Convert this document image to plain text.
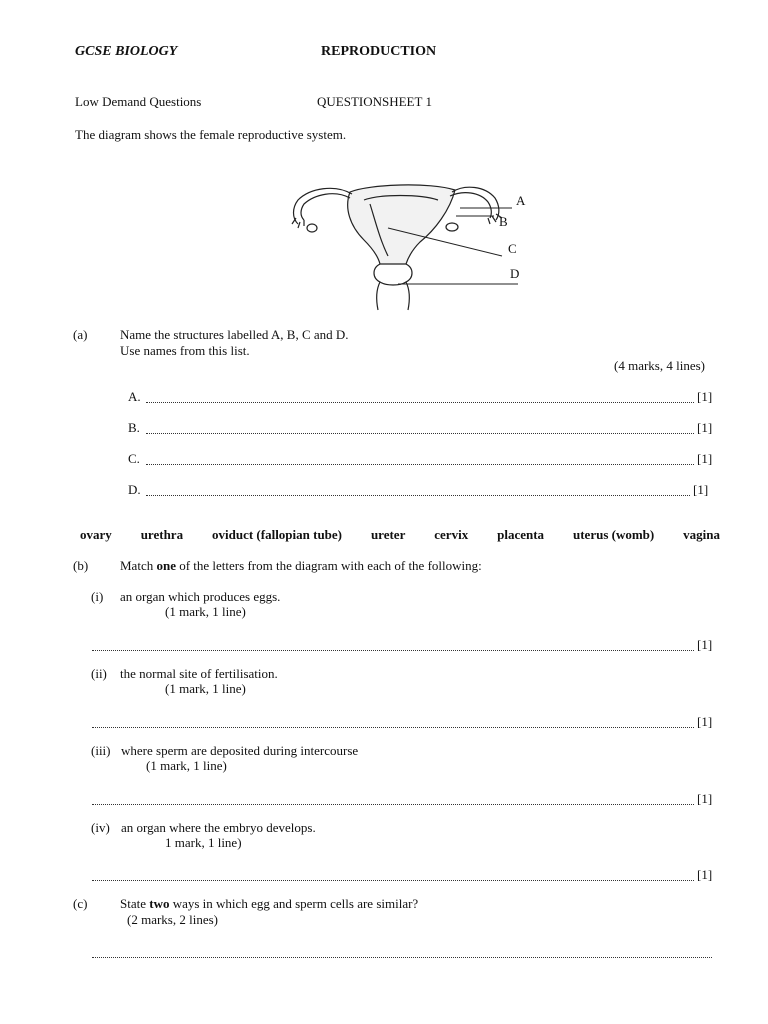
GCSE BIOLOGY	REPRODUCTION
Low Demand Questions	QUESTIONSHEET 1
The diagram shows the female reproductive system.
A
B
C
D
(a)	Name the structures labelled A, B, C and D.
Use names from this list.
(4 marks, 4 lines)
A.	[1]
B.	[1]
C.	[1]
D.	[1]
ovary urethra oviduct (fallopian tube) ureter cervix placenta uterus (womb) vagina
(b) Match one of the letters from the diagram with each of the following:
(i) an organ which produces eggs.
(1 mark, 1 line)
[1]
(ii) the normal site of fertilisation.
(1 mark, 1 line)
[1]
(iii) where sperm are deposited during intercourse
(1 mark, 1 line)
[1]
(iv) an organ where the embryo develops.
1 mark, 1 line)
[1]
(c)	State two ways in which egg and sperm cells are similar?
(2 marks, 2 lines)
